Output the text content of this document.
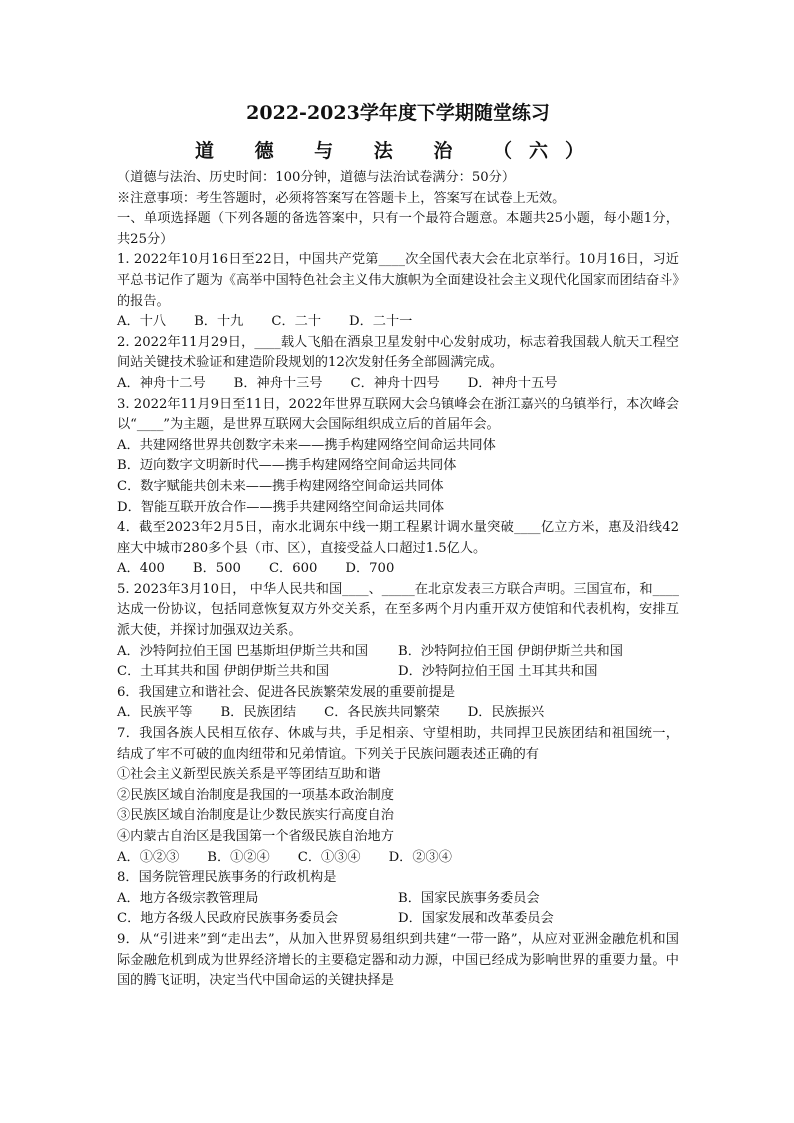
2022-2023学年度下学期随堂练习
道 德 与 法 治 （六）
（道德与法治、历史时间：100分钟，道德与法治试卷满分：50分）
※注意事项：考生答题时，必须将答案写在答题卡上，答案写在试卷上无效。
一、单项选择题（下列各题的备选答案中，只有一个最符合题意。本题共25小题，每小题1分，共25分）
1. 2022年10月16日至22日，中国共产党第____次全国代表大会在北京举行。10月16日，习近平总书记作了题为《高举中国特色社会主义伟大旗帜为全面建设社会主义现代化国家而团结奋斗》的报告。
A．十八 B．十九 C．二十 D．二十一
2. 2022年11月29日，____载人飞船在酒泉卫星发射中心发射成功，标志着我国载人航天工程空间站关键技术验证和建造阶段规划的12次发射任务全部圆满完成。
A．神舟十二号 B．神舟十三号 C．神舟十四号 D．神舟十五号
3. 2022年11月9日至11日，2022年世界互联网大会乌镇峰会在浙江嘉兴的乌镇举行，本次峰会以“____”为主题，是世界互联网大会国际组织成立后的首届年会。
A．共建网络世界共创数字未来——携手构建网络空间命运共同体
B．迈向数字文明新时代——携手构建网络空间命运共同体
C．数字赋能共创未来——携手构建网络空间命运共同体
D．智能互联开放合作——携手共建网络空间命运共同体
4．截至2023年2月5日，南水北调东中线一期工程累计调水量突破____亿立方米，惠及沿线42座大中城市280多个县（市、区），直接受益人口超过1.5亿人。
A．400 B．500 C．600 D．700
5. 2023年3月10日， 中华人民共和国____、_____在北京发表三方联合声明。三国宣布，和____达成一份协议，包括同意恢复双方外交关系，在至多两个月内重开双方使馆和代表机构，安排互派大使，并探讨加强双边关系。
A．沙特阿拉伯王国 巴基斯坦伊斯兰共和国	B．沙特阿拉伯王国 伊朗伊斯兰共和国
C．土耳其共和国 伊朗伊斯兰共和国	D．沙特阿拉伯王国 土耳其共和国
6．我国建立和谐社会、促进各民族繁荣发展的重要前提是
A．民族平等 B．民族团结 C．各民族共同繁荣 D．民族振兴
7．我国各族人民相互依存、休戚与共，手足相亲、守望相助，共同捍卫民族团结和祖国统一，结成了牢不可破的血肉纽带和兄弟情谊。下列关于民族问题表述正确的有
①社会主义新型民族关系是平等团结互助和谐
②民族区域自治制度是我国的一项基本政治制度
③民族区域自治制度是让少数民族实行高度自治
④内蒙古自治区是我国第一个省级民族自治地方
A．①②③ B．①②④ C．①③④ D．②③④
8．国务院管理民族事务的行政机构是
A．地方各级宗教管理局	B．国家民族事务委员会
C．地方各级人民政府民族事务委员会	D．国家发展和改革委员会
9．从“引进来”到“走出去”，从加入世界贸易组织到共建“一带一路”，从应对亚洲金融危机和国际金融危机到成为世界经济增长的主要稳定器和动力源，中国已经成为影响世界的重要力量。中国的腾飞证明，决定当代中国命运的关键抉择是
